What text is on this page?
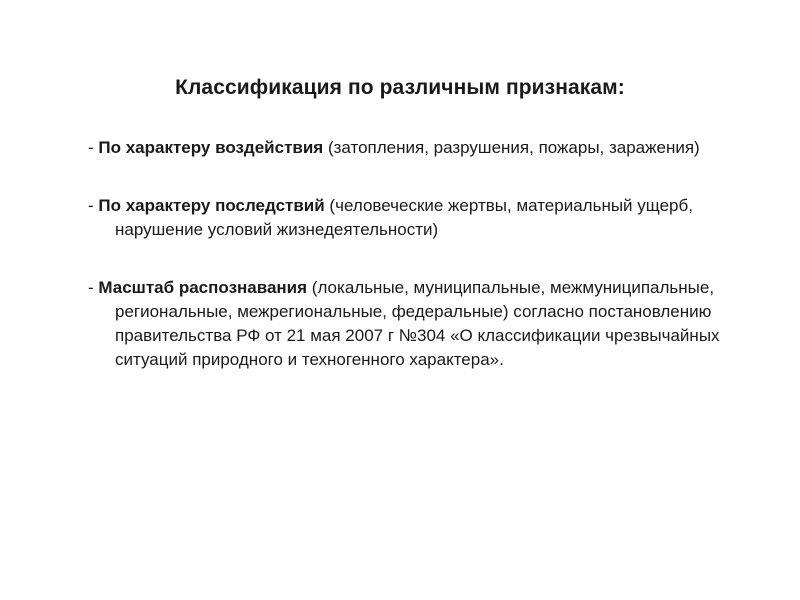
Классификация по различным признакам:
- По характеру воздействия (затопления, разрушения, пожары, заражения)
- По характеру последствий (человеческие жертвы, материальный ущерб, нарушение условий жизнедеятельности)
- Масштаб распознавания (локальные, муниципальные, межмуниципальные, региональные, межрегиональные, федеральные) согласно постановлению правительства РФ от 21 мая 2007 г №304 «О классификации чрезвычайных ситуаций природного и техногенного характера».
